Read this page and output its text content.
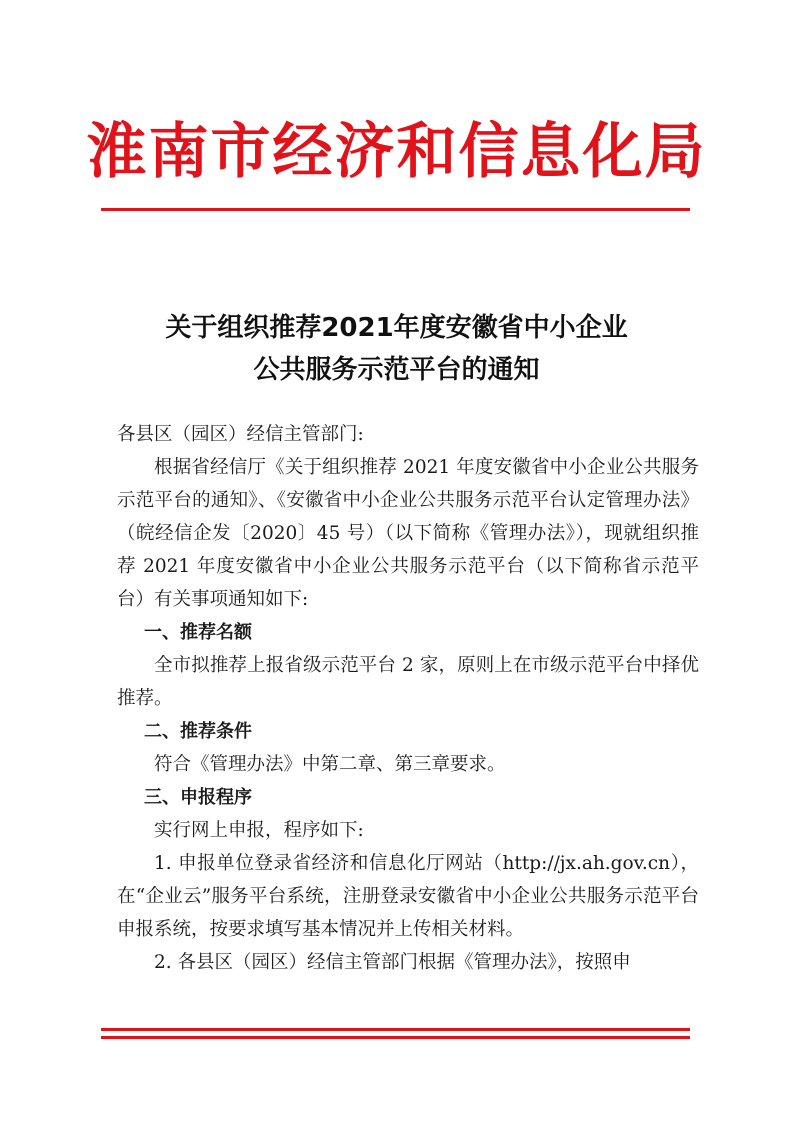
淮南市经济和信息化局
关于组织推荐2021年度安徽省中小企业
公共服务示范平台的通知

各县区（园区）经信主管部门:

根据省经信厅《关于组织推荐 2021 年度安徽省中小企业公共服务示范平台的通知》、《安徽省中小企业公共服务示范平台认定管理办法》（皖经信企发〔2020〕45 号）（以下简称《管理办法》），现就组织推荐 2021 年度安徽省中小企业公共服务示范平台（以下简称省示范平台）有关事项通知如下:

一、推荐名额

全市拟推荐上报省级示范平台 2 家，原则上在市级示范平台中择优推荐。

二、推荐条件

符合《管理办法》中第二章、第三章要求。

三、申报程序

实行网上申报，程序如下:

1. 申报单位登录省经济和信息化厅网站（http://jx.ah.gov.cn），在“企业云”服务平台系统，注册登录安徽省中小企业公共服务示范平台申报系统，按要求填写基本情况并上传相关材料。

2. 各县区（园区）经信主管部门根据《管理办法》，按照申
